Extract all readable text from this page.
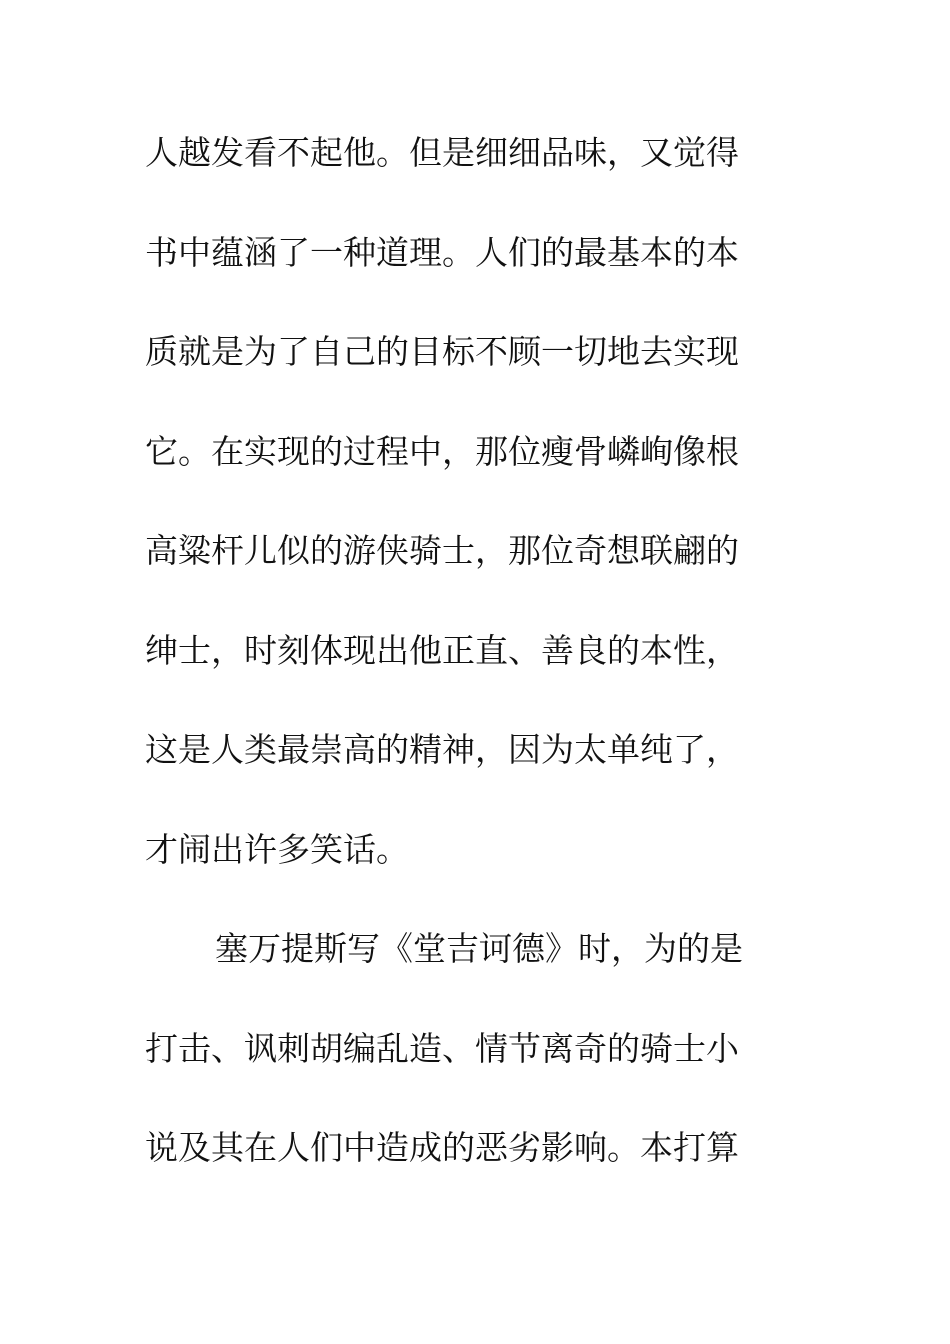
人越发看不起他。但是细细品味，又觉得
书中蕴涵了一种道理。人们的最基本的本
质就是为了自己的目标不顾一切地去实现
它。在实现的过程中，那位瘦骨嶙峋像根
高粱杆儿似的游侠骑士，那位奇想联翩的
绅士，时刻体现出他正直、善良的本性，
这是人类最崇高的精神，因为太单纯了，
才闹出许多笑话。
塞万提斯写《堂吉诃德》时，为的是
打击、讽刺胡编乱造、情节离奇的骑士小
说及其在人们中造成的恶劣影响。本打算
